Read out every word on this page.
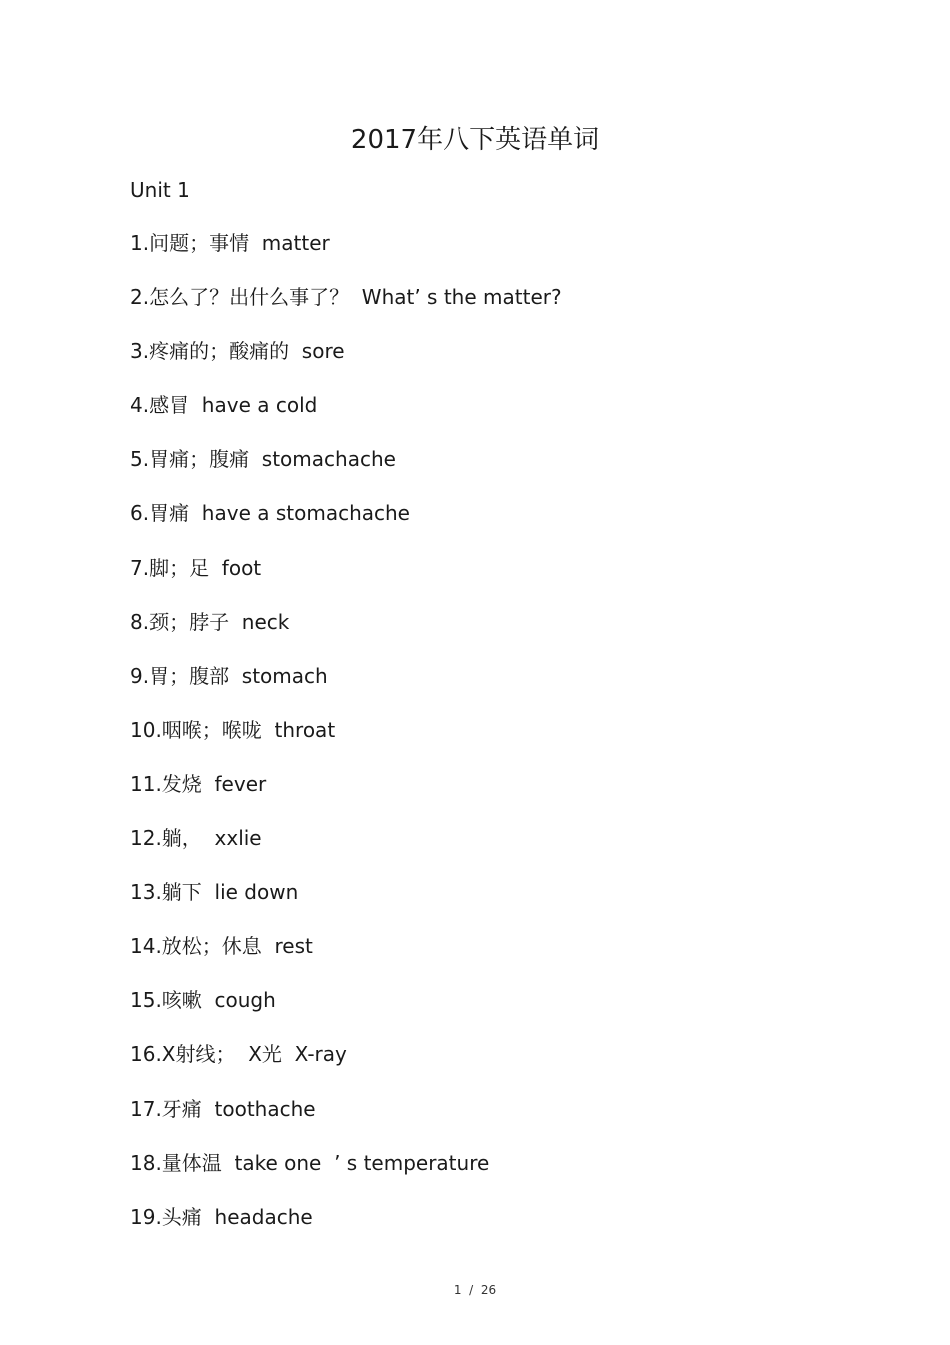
2017年八下英语单词
Unit 1
1.问题；事情  matter
2.怎么了？出什么事了？  What’ s the matter?
3.疼痛的；酸痛的  sore
4.感冒  have a cold
5.胃痛；腹痛  stomachache
6.胃痛  have a stomachache
7.脚；足  foot
8.颈；脖子  neck
9.胃；腹部  stomach
10.咽喉；喉咙  throat
11.发烧  fever
12.躺，  xxlie
13.躺下  lie down
14.放松；休息  rest
15.咳嗽  cough
16.X射线；  X光  X-ray
17.牙痛  toothache
18.量体温  take one  ’ s temperature
19.头痛  headache
1  /  26
